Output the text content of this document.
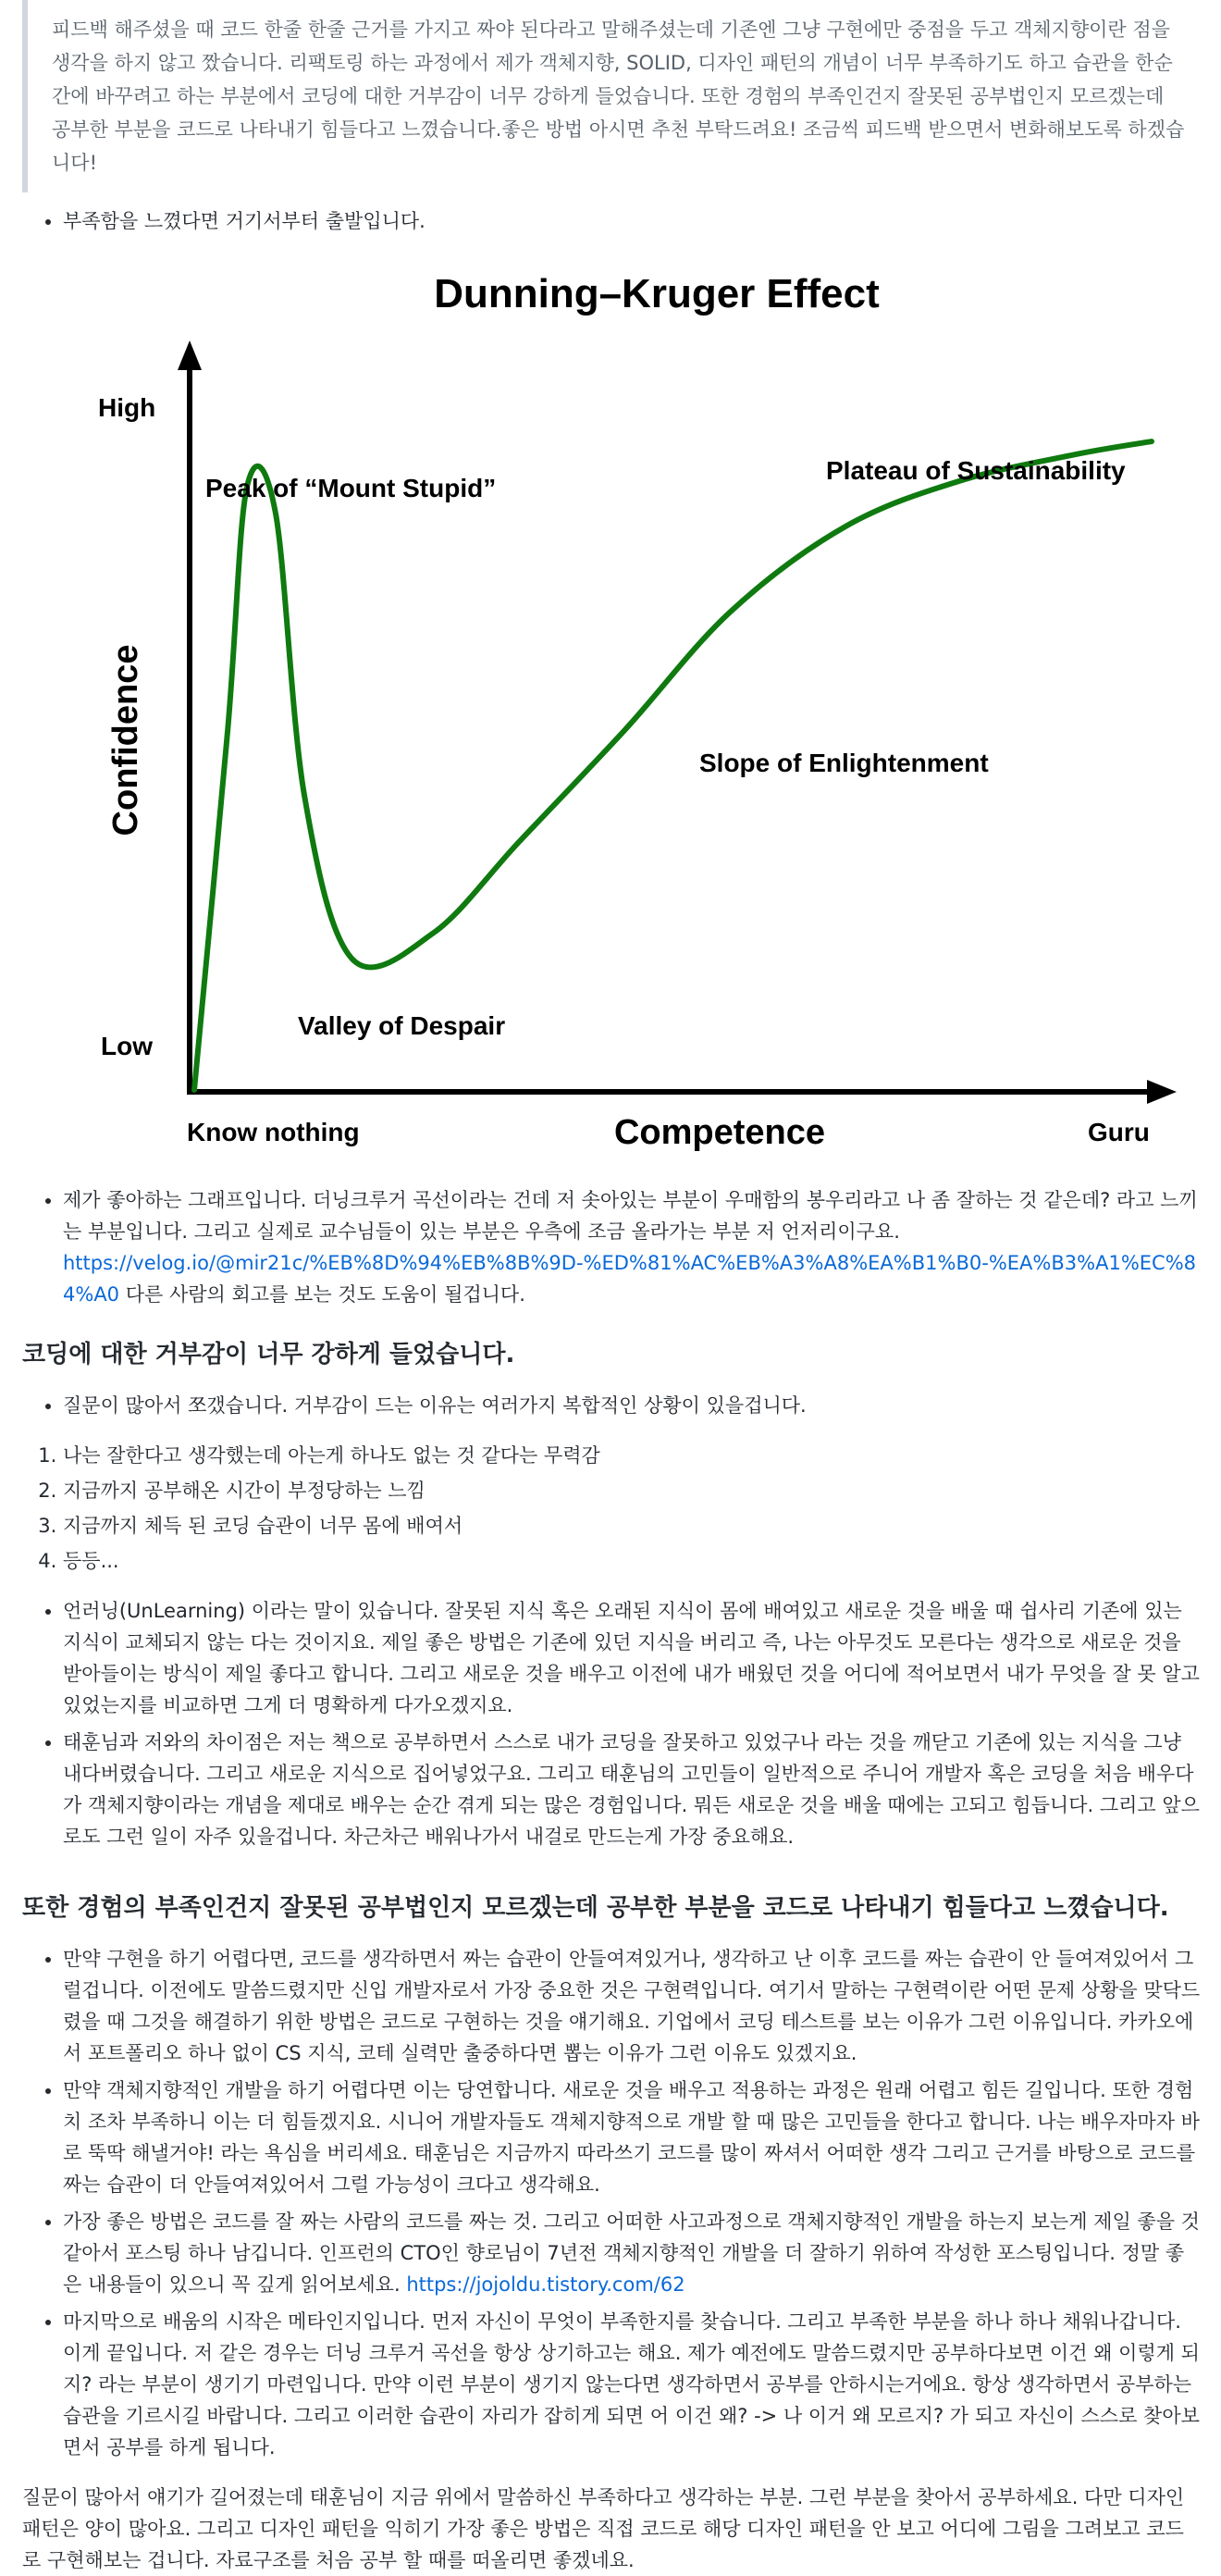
피드백 해주셨을 때 코드 한줄 한줄 근거를 가지고 짜야 된다라고 말해주셨는데 기존엔 그냥 구현에만 중점을 두고 객체지향이란 점을 생각을 하지 않고 짰습니다. 리팩토링 하는 과정에서 제가 객체지향, SOLID, 디자인 패턴의 개념이 너무 부족하기도 하고 습관을 한순간에 바꾸려고 하는 부분에서 코딩에 대한 거부감이 너무 강하게 들었습니다. 또한 경험의 부족인건지 잘못된 공부법인지 모르겠는데 공부한 부분을 코드로 나타내기 힘들다고 느꼈습니다.좋은 방법 아시면 추천 부탁드려요! 조금씩 피드백 받으면서 변화해보도록 하겠습니다!
• 부족함을 느꼈다면 거기서부터 출발입니다.
Dunning–Kruger Effect
High
Low
Confidence
Know nothing	Guru
Competence
Peak of “Mount Stupid”
Valley of Despair
Slope of Enlightenment
Plateau of Sustainability
• 제가 좋아하는 그래프입니다. 더닝크루거 곡선이라는 건데 저 솟아있는 부분이 우매함의 봉우리라고 나 좀 잘하는 것 같은데? 라고 느끼는 부분입니다. 그리고 실제로 교수님들이 있는 부분은 우측에 조금 올라가는 부분 저 언저리이구요.
https://velog.io/@mir21c/%EB%8D%94%EB%8B%9D-%ED%81%AC%EB%A3%A8%EA%B1%B0-%EA%B3%A1%EC%84%A0 다른 사람의 회고를 보는 것도 도움이 될겁니다.
코딩에 대한 거부감이 너무 강하게 들었습니다.
• 질문이 많아서 쪼갰습니다. 거부감이 드는 이유는 여러가지 복합적인 상황이 있을겁니다.
1. 나는 잘한다고 생각했는데 아는게 하나도 없는 것 같다는 무력감
2. 지금까지 공부해온 시간이 부정당하는 느낌
3. 지금까지 체득 된 코딩 습관이 너무 몸에 배여서
4. 등등...
• 언러닝(UnLearning) 이라는 말이 있습니다. 잘못된 지식 혹은 오래된 지식이 몸에 배여있고 새로운 것을 배울 때 쉽사리 기존에 있는 지식이 교체되지 않는 다는 것이지요. 제일 좋은 방법은 기존에 있던 지식을 버리고 즉, 나는 아무것도 모른다는 생각으로 새로운 것을 받아들이는 방식이 제일 좋다고 합니다. 그리고 새로운 것을 배우고 이전에 내가 배웠던 것을 어디에 적어보면서 내가 무엇을 잘 못 알고 있었는지를 비교하면 그게 더 명확하게 다가오겠지요.
• 태훈님과 저와의 차이점은 저는 책으로 공부하면서 스스로 내가 코딩을 잘못하고 있었구나 라는 것을 깨닫고 기존에 있는 지식을 그냥 내다버렸습니다. 그리고 새로운 지식으로 집어넣었구요. 그리고 태훈님의 고민들이 일반적으로 주니어 개발자 혹은 코딩을 처음 배우다가 객체지향이라는 개념을 제대로 배우는 순간 겪게 되는 많은 경험입니다. 뭐든 새로운 것을 배울 때에는 고되고 힘듭니다. 그리고 앞으로도 그런 일이 자주 있을겁니다. 차근차근 배워나가서 내걸로 만드는게 가장 중요해요.
또한 경험의 부족인건지 잘못된 공부법인지 모르겠는데 공부한 부분을 코드로 나타내기 힘들다고 느꼈습니다.
• 만약 구현을 하기 어렵다면, 코드를 생각하면서 짜는 습관이 안들여져있거나, 생각하고 난 이후 코드를 짜는 습관이 안 들여져있어서 그럴겁니다. 이전에도 말씀드렸지만 신입 개발자로서 가장 중요한 것은 구현력입니다. 여기서 말하는 구현력이란 어떤 문제 상황을 맞닥드렸을 때 그것을 해결하기 위한 방법은 코드로 구현하는 것을 얘기해요. 기업에서 코딩 테스트를 보는 이유가 그런 이유입니다. 카카오에서 포트폴리오 하나 없이 CS 지식, 코테 실력만 출중하다면 뽑는 이유가 그런 이유도 있겠지요.
• 만약 객체지향적인 개발을 하기 어렵다면 이는 당연합니다. 새로운 것을 배우고 적용하는 과정은 원래 어렵고 힘든 길입니다. 또한 경험치 조차 부족하니 이는 더 힘들겠지요. 시니어 개발자들도 객체지향적으로 개발 할 때 많은 고민들을 한다고 합니다. 나는 배우자마자 바로 뚝딱 해낼거야! 라는 욕심을 버리세요. 태훈님은 지금까지 따라쓰기 코드를 많이 짜셔서 어떠한 생각 그리고 근거를 바탕으로 코드를 짜는 습관이 더 안들여져있어서 그럴 가능성이 크다고 생각해요.
• 가장 좋은 방법은 코드를 잘 짜는 사람의 코드를 짜는 것. 그리고 어떠한 사고과정으로 객체지향적인 개발을 하는지 보는게 제일 좋을 것 같아서 포스팅 하나 남깁니다. 인프런의 CTO인 향로님이 7년전 객체지향적인 개발을 더 잘하기 위하여 작성한 포스팅입니다. 정말 좋은 내용들이 있으니 꼭 깊게 읽어보세요. https://jojoldu.tistory.com/62
• 마지막으로 배움의 시작은 메타인지입니다. 먼저 자신이 무엇이 부족한지를 찾습니다. 그리고 부족한 부분을 하나 하나 채워나갑니다. 이게 끝입니다. 저 같은 경우는 더닝 크루거 곡선을 항상 상기하고는 해요. 제가 예전에도 말씀드렸지만 공부하다보면 이건 왜 이렇게 되지? 라는 부분이 생기기 마련입니다. 만약 이런 부분이 생기지 않는다면 생각하면서 공부를 안하시는거에요. 항상 생각하면서 공부하는 습관을 기르시길 바랍니다. 그리고 이러한 습관이 자리가 잡히게 되면 어 이건 왜? -> 나 이거 왜 모르지? 가 되고 자신이 스스로 찾아보면서 공부를 하게 됩니다.

질문이 많아서 얘기가 길어졌는데 태훈님이 지금 위에서 말씀하신 부족하다고 생각하는 부분. 그런 부분을 찾아서 공부하세요. 다만 디자인 패턴은 양이 많아요. 그리고 디자인 패턴을 익히기 가장 좋은 방법은 직접 코드로 해당 디자인 패턴을 안 보고 어디에 그림을 그려보고 코드로 구현해보는 겁니다. 자료구조를 처음 공부 할 때를 떠올리면 좋겠네요.
